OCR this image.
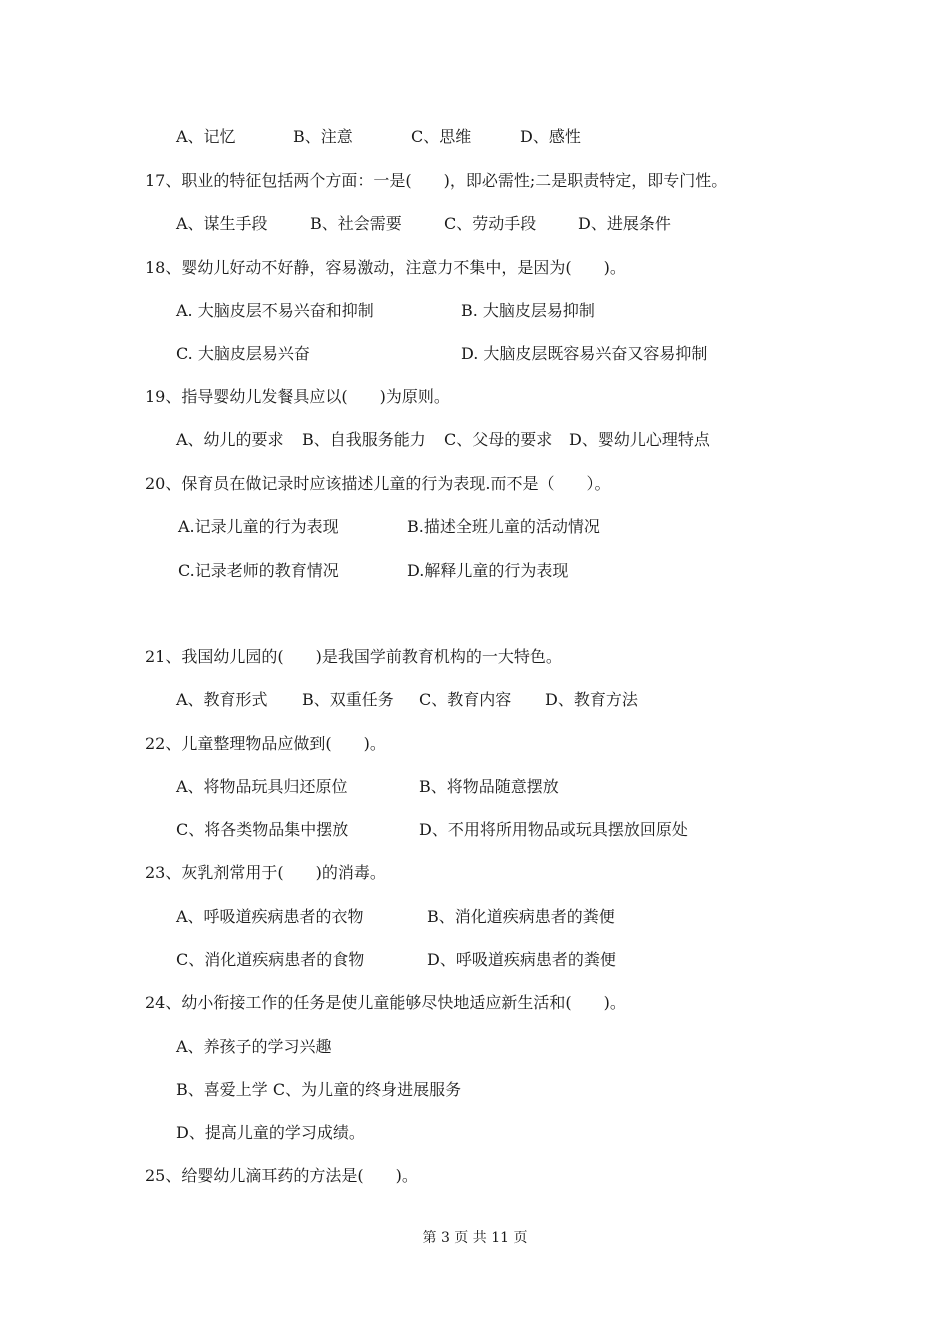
A、记忆	B、注意	C、思维	D、感性
17、职业的特征包括两个方面：一是(　　)，即必需性;二是职责特定，即专门性。
A、谋生手段	B、社会需要	C、劳动手段	D、进展条件
18、婴幼儿好动不好静，容易激动，注意力不集中，是因为(　　)。
A. 大脑皮层不易兴奋和抑制	B. 大脑皮层易抑制
C. 大脑皮层易兴奋	D. 大脑皮层既容易兴奋又容易抑制
19、指导婴幼儿发餐具应以(　　)为原则。
A、幼儿的要求 B、自我服务能力 C、父母的要求 D、婴幼儿心理特点
20、保育员在做记录时应该描述儿童的行为表现.而不是（　　）。
A.记录儿童的行为表现	B.描述全班儿童的活动情况
C.记录老师的教育情况	D.解释儿童的行为表现
21、我国幼儿园的(　　)是我国学前教育机构的一大特色。
A、教育形式 B、双重任务 C、教育内容 D、教育方法
22、儿童整理物品应做到(　　)。
A、将物品玩具归还原位	B、将物品随意摆放
C、将各类物品集中摆放	D、不用将所用物品或玩具摆放回原处
23、灰乳剂常用于(　　)的消毒。
A、呼吸道疾病患者的衣物	B、消化道疾病患者的粪便
C、消化道疾病患者的食物	D、呼吸道疾病患者的粪便
24、幼小衔接工作的任务是使儿童能够尽快地适应新生活和(　　)。
A、养孩子的学习兴趣
B、喜爱上学 C、为儿童的终身进展服务
D、提高儿童的学习成绩。
25、给婴幼儿滴耳药的方法是(　　)。
第 3 页 共 11 页
